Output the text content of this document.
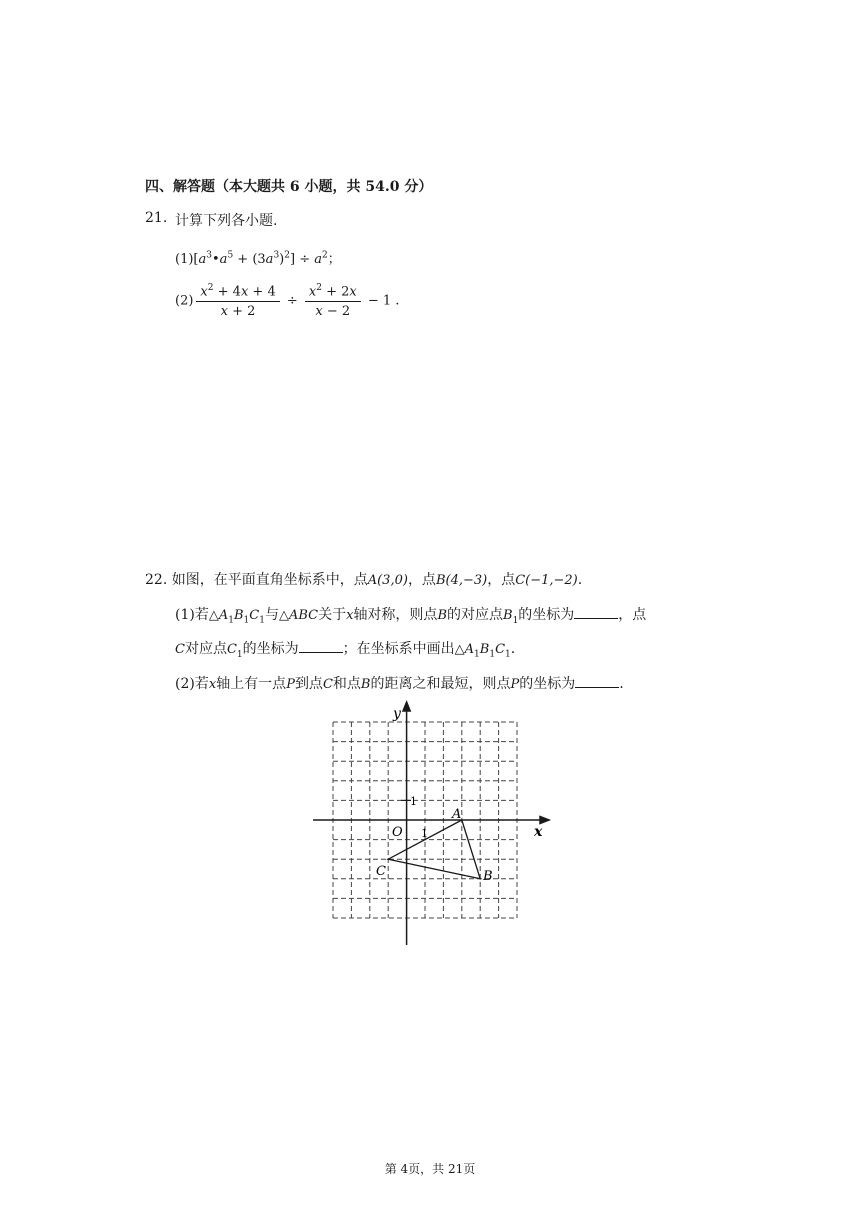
四、解答题（本大题共 6 小题，共 54.0 分）
21. 计算下列各小题.
$(1)[a^3•a^5 + (3a^3)^2] \div a^2$；
$(2) \frac{x^2 + 4x + 4}{x + 2} \div \frac{x^2 + 2x}{x - 2} - 1$ .
22. 如图，在平面直角坐标系中，点A(3,0)，点B(4,−3)，点C(−1,−2).
(1)若$\triangle A_1B_1C_1$与△ABC关于x轴对称，则点B的对应点$B_1$的坐标为	，点
C对应点$C_1$的坐标为	；在坐标系中画出$\triangle A_1B_1C_1$.
(2)若x轴上有一点P到点C和点B的距离之和最短，则点P的坐标为	.
y
x
O 1
1
A
B
C
第 4页，共 21页
